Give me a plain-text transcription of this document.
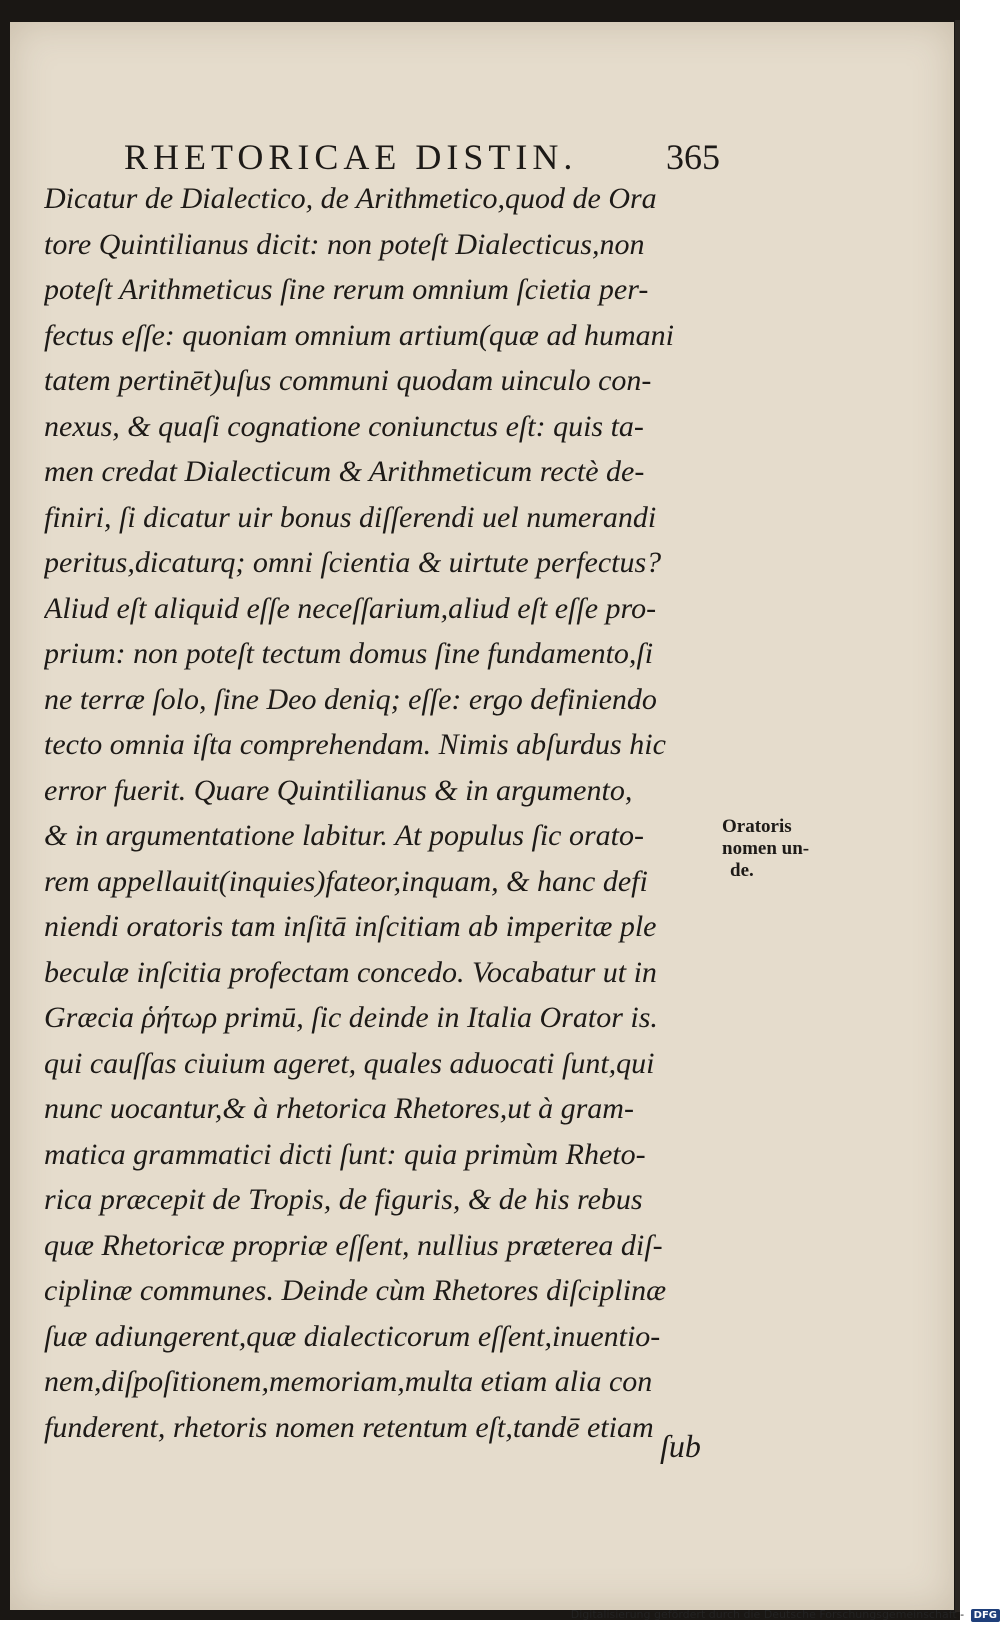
RHETORICAE DISTIN. 365
Dicatur de Dialectico, de Arithmetico,quod de Ora
tore Quintilianus dicit: non poteſt Dialecticus,non
poteſt Arithmeticus ſine rerum omnium ſcietia per-
fectus eſſe: quoniam omnium artium(quæ ad humani
tatem pertinēt)uſus communi quodam uinculo con-
nexus, & quaſi cognatione coniunctus eſt: quis ta-
men credat Dialecticum & Arithmeticum rectè de-
finiri, ſi dicatur uir bonus diſſerendi uel numerandi
peritus,dicaturq; omni ſcientia & uirtute perfectus?
Aliud eſt aliquid eſſe neceſſarium,aliud eſt eſſe pro-
prium: non poteſt tectum domus ſine fundamento,ſi
ne terræ ſolo, ſine Deo deniq; eſſe: ergo definiendo
tecto omnia iſta comprehendam. Nimis abſurdus hic
error fuerit. Quare Quintilianus & in argumento,
& in argumentatione labitur. At populus ſic orato-
rem appellauit(inquies)fateor,inquam, & hanc defi
niendi oratoris tam inſitā inſcitiam ab imperitæ ple
beculæ inſcitia profectam concedo. Vocabatur ut in
Græcia ῥήτωρ primū, ſic deinde in Italia Orator is.
qui cauſſas ciuium ageret, quales aduocati ſunt,qui
nunc uocantur,& à rhetorica Rhetores,ut à gram-
matica grammatici dicti ſunt: quia primùm Rheto-
rica præcepit de Tropis, de figuris, & de his rebus
quæ Rhetoricæ propriæ eſſent, nullius præterea diſ-
ciplinæ communes. Deinde cùm Rhetores diſciplinæ
ſuæ adiungerent,quæ dialecticorum eſſent,inuentio-
nem,diſpoſitionem,memoriam,multa etiam alia con
funderent, rhetoris nomen retentum eſt,tandē etiam
ſub
Oratoris
nomen un-
de.
Digitalisierung gefördert durch die Deutsche Forschungsgemeinschaft - DFG
